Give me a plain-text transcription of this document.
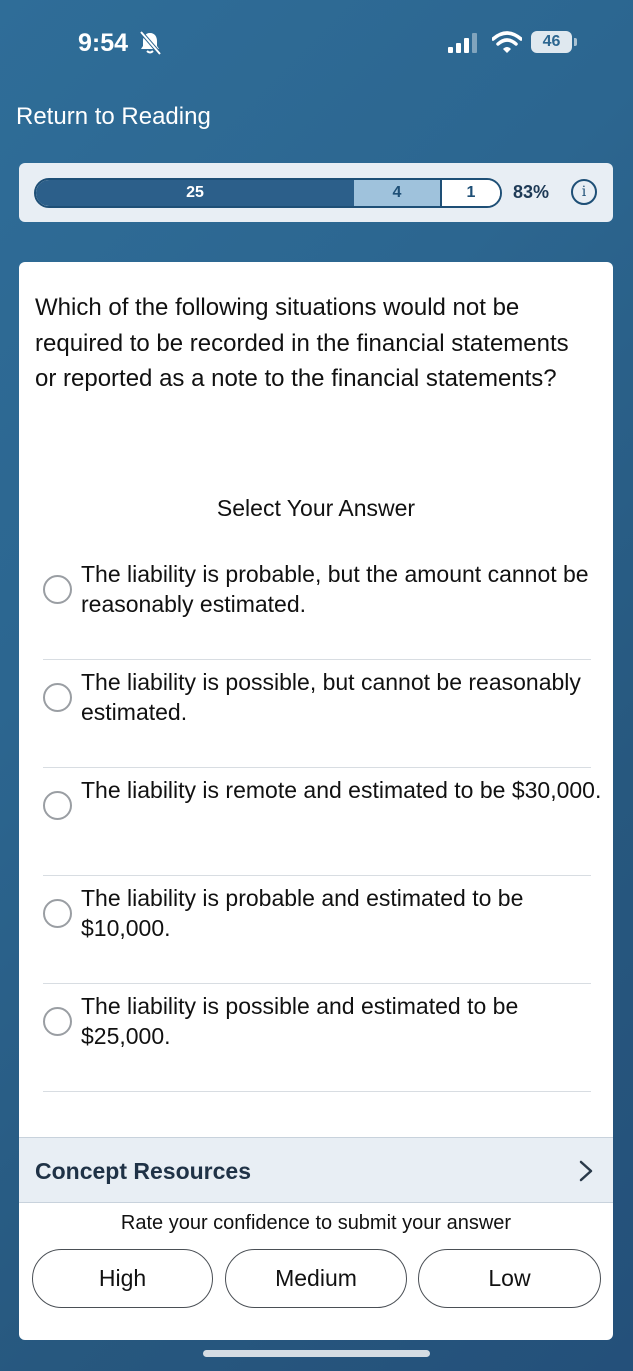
9:54	46
Return to Reading
25	4	1	83%	i
Which of the following situations would not be required to be recorded in the financial statements or reported as a note to the financial statements?
Select Your Answer
The liability is probable, but the amount cannot be reasonably estimated.
The liability is possible, but cannot be reasonably estimated.
The liability is remote and estimated to be $30,000.
The liability is probable and estimated to be $10,000.
The liability is possible and estimated to be $25,000.
Concept Resources
Rate your confidence to submit your answer
High	Medium	Low
